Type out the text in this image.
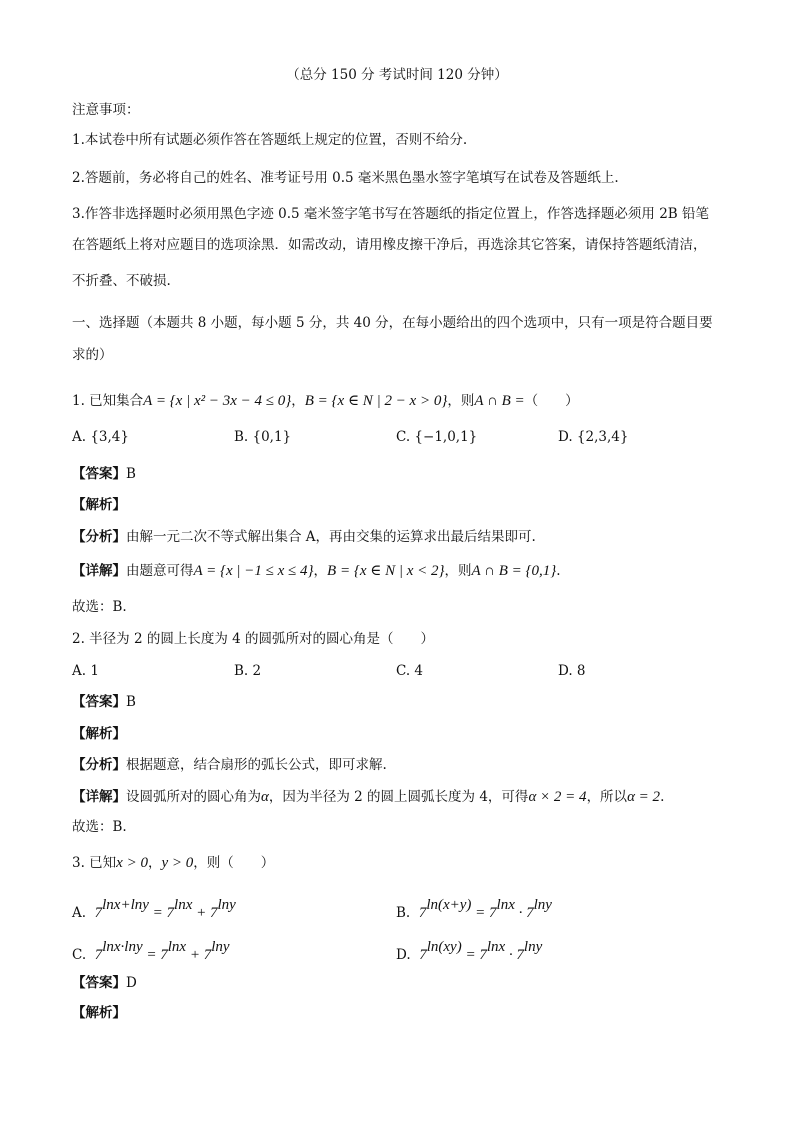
（总分 150 分 考试时间 120 分钟）
注意事项：
1.本试卷中所有试题必须作答在答题纸上规定的位置，否则不给分.
2.答题前，务必将自己的姓名、准考证号用 0.5 毫米黑色墨水签字笔填写在试卷及答题纸上.
3.作答非选择题时必须用黑色字迹 0.5 毫米签字笔书写在答题纸的指定位置上，作答选择题必须用 2B 铅笔
在答题纸上将对应题目的选项涂黑．如需改动，请用橡皮擦干净后，再选涂其它答案，请保持答题纸清洁，
不折叠、不破损.
一、选择题（本题共 8 小题，每小题 5 分，共 40 分，在每小题给出的四个选项中，只有一项是符合题目要
求的）
1. 已知集合A = {x | x² − 3x − 4 ≤ 0}，B = {x ∈ N | 2 − x > 0}，则A ∩ B =（　　）
A. {3,4}	B. {0,1}	C. {−1,0,1}	D. {2,3,4}
【答案】B
【解析】
【分析】由解一元二次不等式解出集合 A，再由交集的运算求出最后结果即可.
【详解】由题意可得A = {x | −1 ≤ x ≤ 4}，B = {x ∈ N | x < 2}，则A ∩ B = {0,1}.
故选：B.
2. 半径为 2 的圆上长度为 4 的圆弧所对的圆心角是（　　）
A. 1	B. 2	C. 4	D. 8
【答案】B
【解析】
【分析】根据题意，结合扇形的弧长公式，即可求解.
【详解】设圆弧所对的圆心角为α，因为半径为 2 的圆上圆弧长度为 4，可得α × 2 = 4，所以α = 2.
故选：B.
3. 已知x > 0，y > 0，则（　　）
A. $7^{lnx+lny} = 7^{lnx} + 7^{lny}$	B. $7^{ln(x+y)} = 7^{lnx} \cdot 7^{lny}$
C. $7^{lnx\cdot lny} = 7^{lnx} + 7^{lny}$	D. $7^{ln(xy)} = 7^{lnx} \cdot 7^{lny}$
【答案】D
【解析】
